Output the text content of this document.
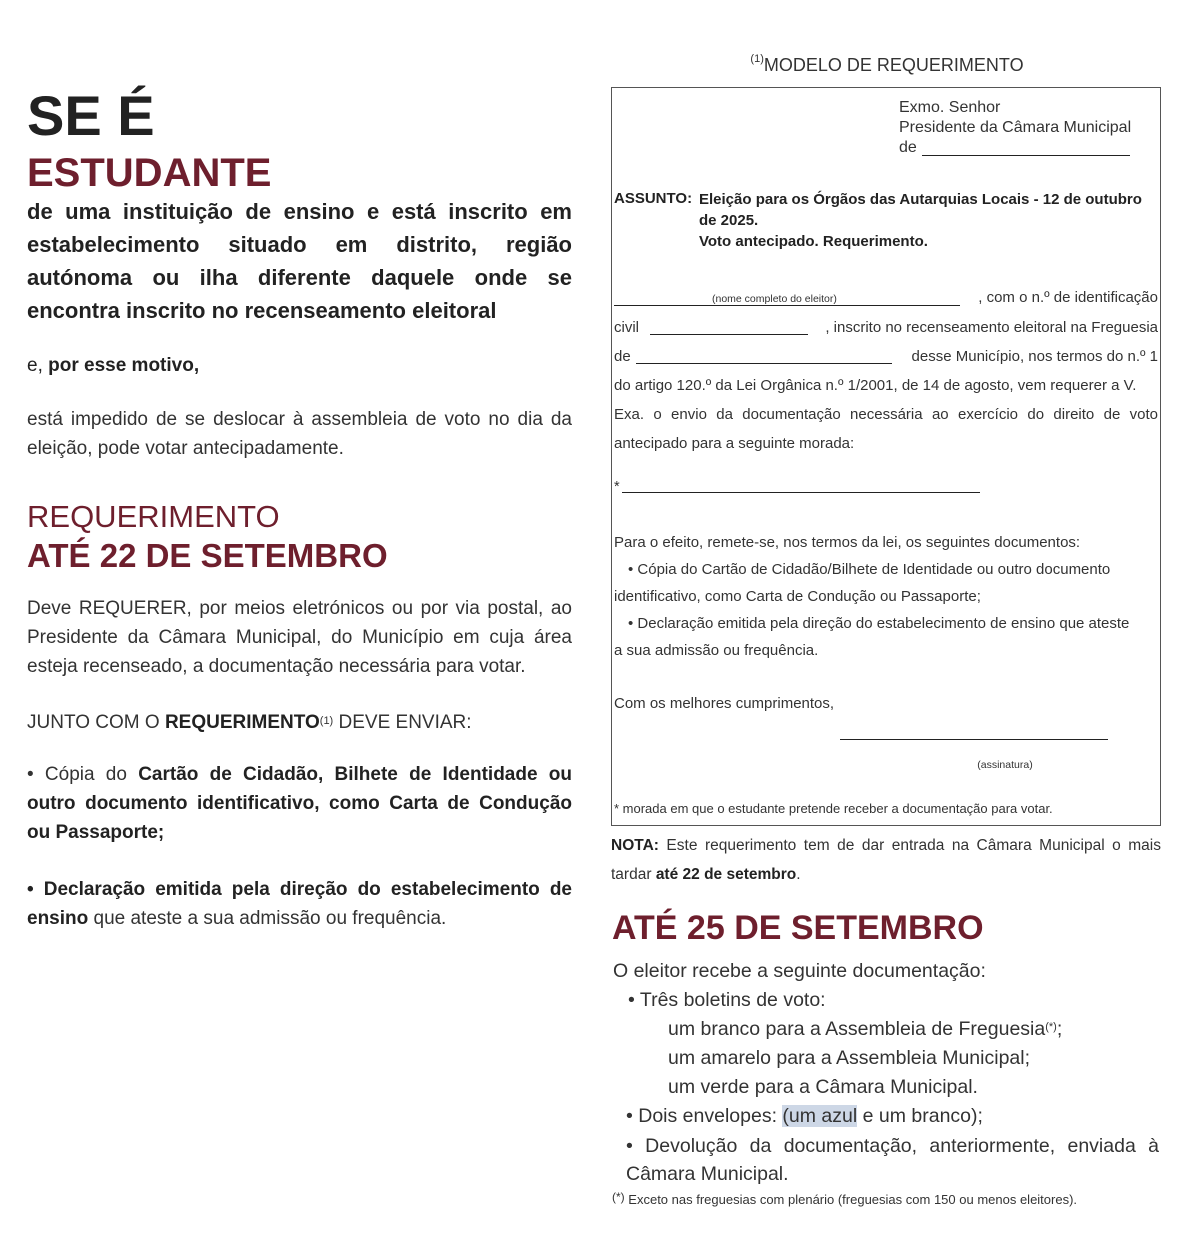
SE É
ESTUDANTE
de uma instituição de ensino e está inscrito em estabelecimento situado em distrito, região autónoma ou ilha diferente daquele onde se encontra inscrito no recenseamento eleitoral
e, por esse motivo,
está impedido de se deslocar à assembleia de voto no dia da eleição, pode votar antecipadamente.
REQUERIMENTO
ATÉ 22 DE SETEMBRO
Deve REQUERER, por meios eletrónicos ou por via postal, ao Presidente da Câmara Municipal, do Município em cuja área esteja recenseado, a documentação necessária para votar.
JUNTO COM O REQUERIMENTO$^{(1)}$ DEVE ENVIAR:
• Cópia do Cartão de Cidadão, Bilhete de Identidade ou outro documento identificativo, como Carta de Condução ou Passaporte;
• Declaração emitida pela direção do estabelecimento de ensino que ateste a sua admissão ou frequência.
$^{(1)}$MODELO DE REQUERIMENTO
Exmo. Senhor
Presidente da Câmara Municipal
de
ASSUNTO: Eleição para os Órgãos das Autarquias Locais - 12 de outubro
de 2025.
Voto antecipado. Requerimento.
(nome completo do eleitor)	, com o n.º de identificação
civil	, inscrito no recenseamento eleitoral na Freguesia
de	desse Município, nos termos do n.º 1
do artigo 120.º da Lei Orgânica n.º 1/2001, de 14 de agosto, vem requerer a V.
Exa. o envio da documentação necessária ao exercício do direito de voto
antecipado para a seguinte morada:
*
Para o efeito, remete-se, nos termos da lei, os seguintes documentos:
• Cópia do Cartão de Cidadão/Bilhete de Identidade ou outro documento
identificativo, como Carta de Condução ou Passaporte;
• Declaração emitida pela direção do estabelecimento de ensino que ateste
a sua admissão ou frequência.
Com os melhores cumprimentos,
(assinatura)
* morada em que o estudante pretende receber a documentação para votar.
NOTA: Este requerimento tem de dar entrada na Câmara Municipal o mais tardar até 22 de setembro.
ATÉ 25 DE SETEMBRO
O eleitor recebe a seguinte documentação:
• Três boletins de voto:
um branco para a Assembleia de Freguesia(*);
um amarelo para a Assembleia Municipal;
um verde para a Câmara Municipal.
• Dois envelopes: (um azul e um branco);
• Devolução da documentação, anteriormente, enviada à
Câmara Municipal.
(*) Exceto nas freguesias com plenário (freguesias com 150 ou menos eleitores).
